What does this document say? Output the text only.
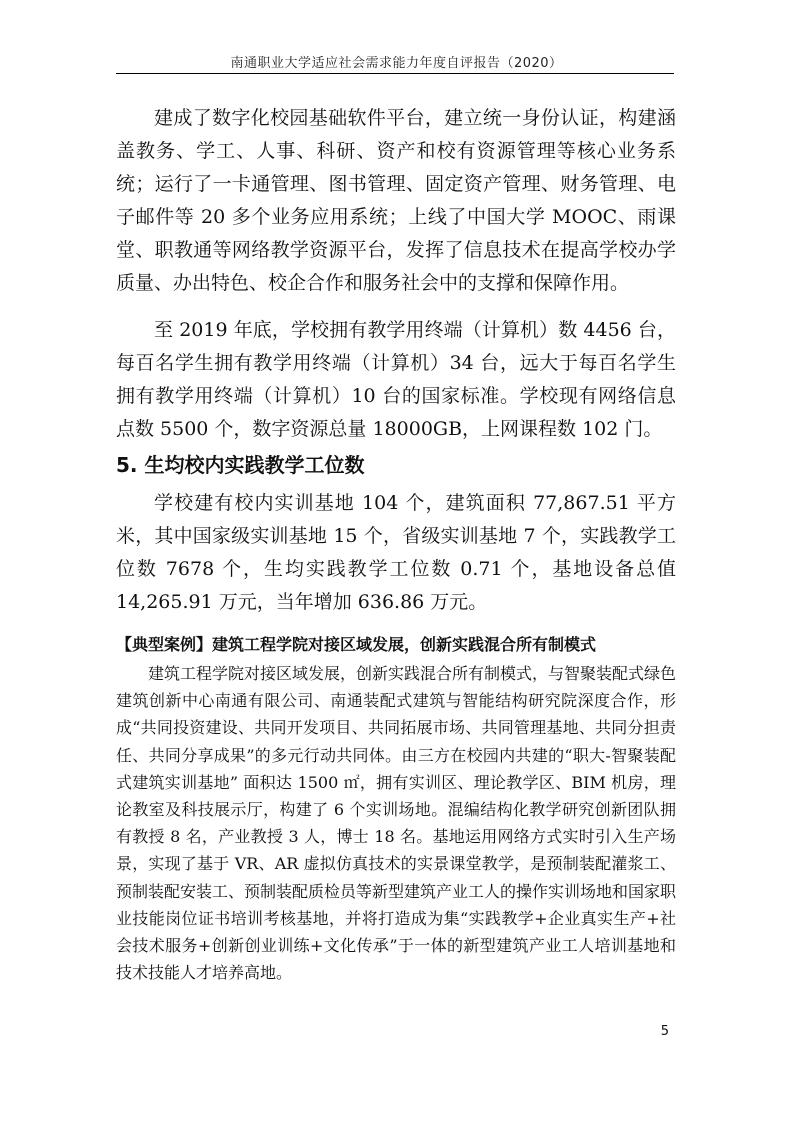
南通职业大学适应社会需求能力年度自评报告（2020）

建成了数字化校园基础软件平台，建立统一身份认证，构建涵盖教务、学工、人事、科研、资产和校有资源管理等核心业务系统；运行了一卡通管理、图书管理、固定资产管理、财务管理、电子邮件等 20 多个业务应用系统；上线了中国大学 MOOC、雨课堂、职教通等网络教学资源平台，发挥了信息技术在提高学校办学质量、办出特色、校企合作和服务社会中的支撑和保障作用。

至 2019 年底，学校拥有教学用终端（计算机）数 4456 台，每百名学生拥有教学用终端（计算机）34 台，远大于每百名学生拥有教学用终端（计算机）10 台的国家标准。学校现有网络信息点数 5500 个，数字资源总量 18000GB，上网课程数 102 门。

5. 生均校内实践教学工位数

学校建有校内实训基地 104 个，建筑面积 77,867.51 平方米，其中国家级实训基地 15 个，省级实训基地 7 个，实践教学工位数 7678 个，生均实践教学工位数 0.71 个，基地设备总值 14,265.91 万元，当年增加 636.86 万元。

【典型案例】建筑工程学院对接区域发展，创新实践混合所有制模式

建筑工程学院对接区域发展，创新实践混合所有制模式，与智聚装配式绿色建筑创新中心南通有限公司、南通装配式建筑与智能结构研究院深度合作，形成“共同投资建设、共同开发项目、共同拓展市场、共同管理基地、共同分担责任、共同分享成果”的多元行动共同体。由三方在校园内共建的“职大-智聚装配式建筑实训基地” 面积达 1500 ㎡，拥有实训区、理论教学区、BIM 机房，理论教室及科技展示厅，构建了 6 个实训场地。混编结构化教学研究创新团队拥有教授 8 名，产业教授 3 人，博士 18 名。基地运用网络方式实时引入生产场景，实现了基于 VR、AR 虚拟仿真技术的实景课堂教学，是预制装配灌浆工、预制装配安装工、预制装配质检员等新型建筑产业工人的操作实训场地和国家职业技能岗位证书培训考核基地，并将打造成为集“实践教学+企业真实生产+社会技术服务+创新创业训练+文化传承”于一体的新型建筑产业工人培训基地和技术技能人才培养高地。

5
